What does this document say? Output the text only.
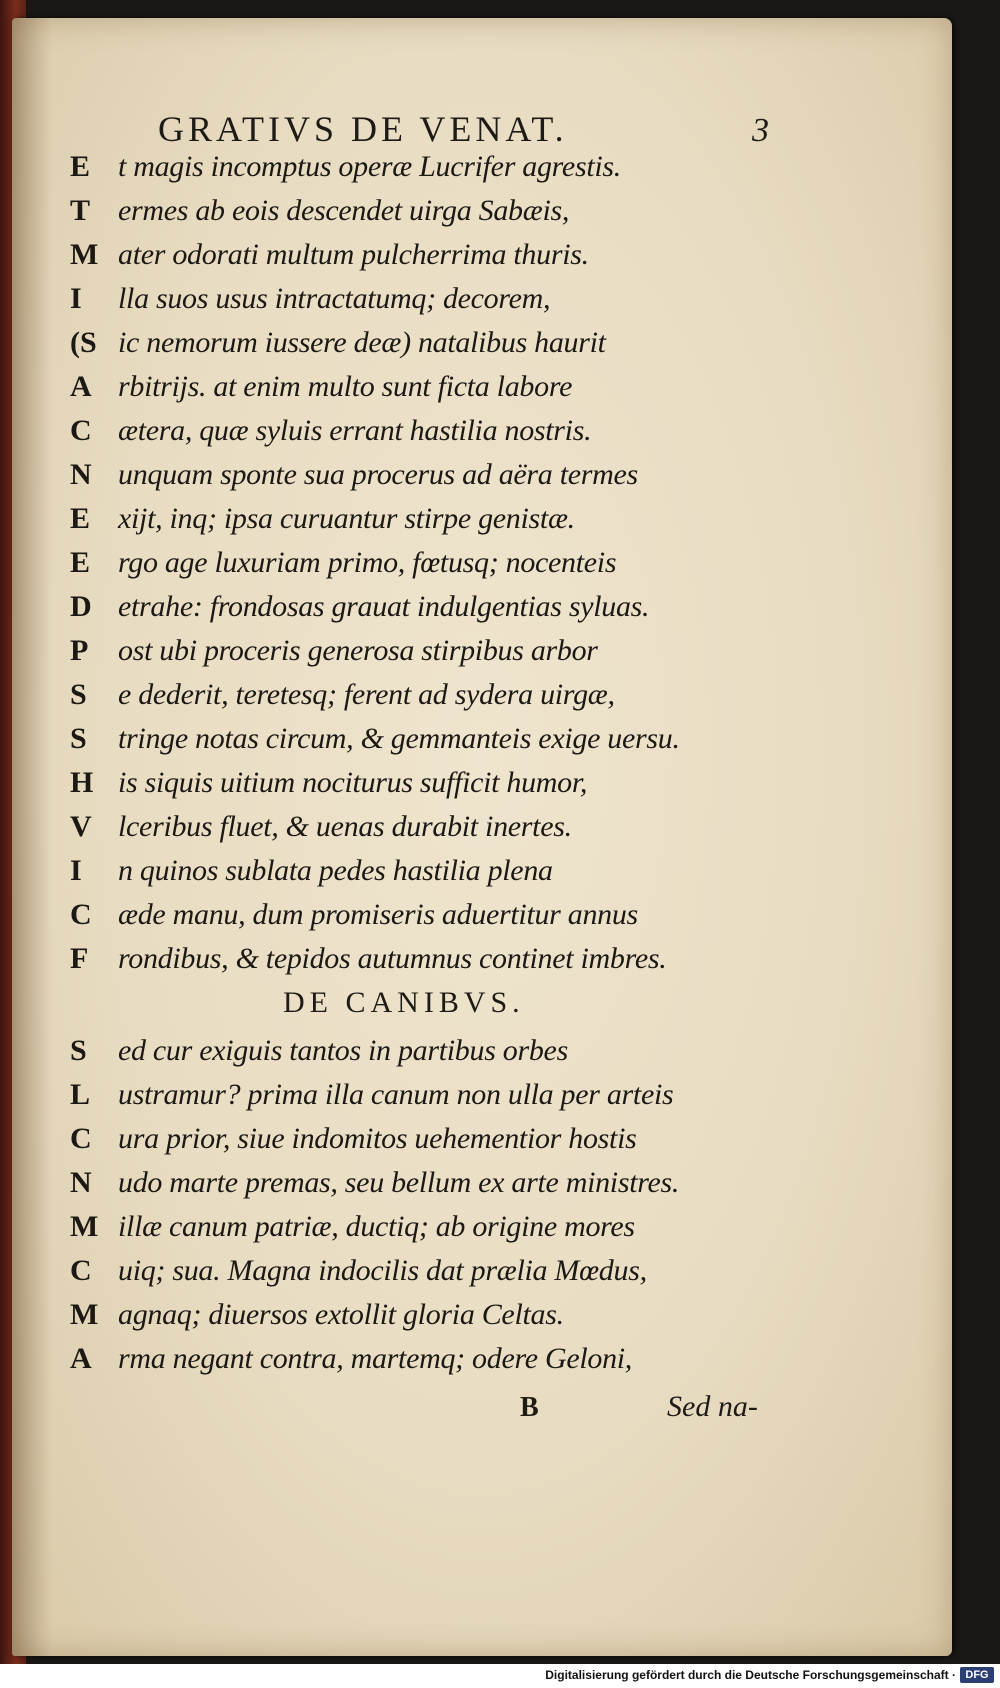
GRATIVS DE VENAT.	3
E t magis incomptus operæ Lucrifer agrestis.
T ermes ab eois descendet uirga Sabæis,
M ater odorati multum pulcherrima thuris.
I	lla suos usus intractatumq; decorem,
(S ic nemorum iussere deæ) natalibus haurit
A rbitrijs. at enim multo sunt ficta labore
C ætera, quæ syluis errant hastilia nostris.
N unquam sponte sua procerus ad aëra termes
E xijt, inq; ipsa curuantur stirpe genistæ.
E rgo age luxuriam primo, fœtusq; nocenteis
D etrahe: frondosas grauat indulgentias syluas.
P ost ubi proceris generosa stirpibus arbor
S	e dederit, teretesq; ferent ad sydera uirgæ,
S	tringe notas circum, & gemmanteis exige uersu.
H is siquis uitium nociturus sufficit humor,
V lceribus fluet, & uenas durabit inertes.
I	n quinos sublata pedes hastilia plena
C æde manu, dum promiseris aduertitur annus
F rondibus, & tepidos autumnus continet imbres.
DE CANIBVS.
S	ed cur exiguis tantos in partibus orbes
L ustramur? prima illa canum non ulla per arteis
C ura prior, siue indomitos uehementior hostis
N udo marte premas, seu bellum ex arte ministres.
M illæ canum patriæ, ductiq; ab origine mores
C uiq; sua. Magna indocilis dat prælia Mœdus,
M agnaq; diuersos extollit gloria Celtas.
A rma negant contra, martemq; odere Geloni,
B	Sed na-
Digitalisierung gefördert durch die Deutsche Forschungsgemeinschaft · DFG
